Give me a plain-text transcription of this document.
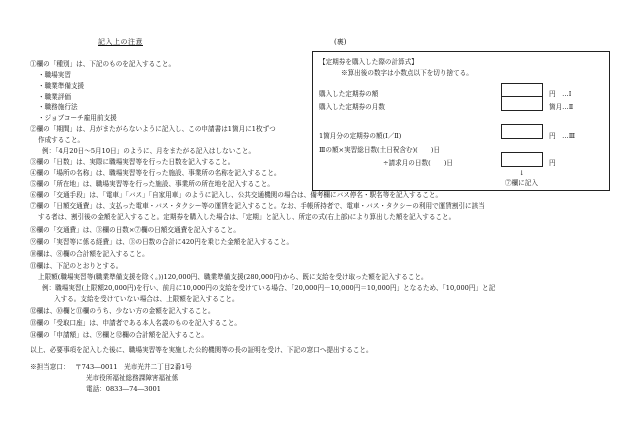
記入上の注意	(裏)
①欄の「種別」は、下記のものを記入すること。
・職場実習
・職業準備支援
・職業評価
・職務施行法
・ジョブコーチ雇用前支援
②欄の「期間」は、月がまたがらないように記入し、この申請書は1箇月に1枚ずつ
作成すること。
例：「4月20日～5月10日」のように、月をまたがる記入はしないこと。
③欄の「日数」は、実際に職場実習等を行った日数を記入すること。
④欄の「場所の名称」は、職場実習等を行った施設、事業所の名称を記入すること。
⑤欄の「所在地」は、職場実習等を行った施設、事業所の所在地を記入すること。
⑥欄の「交通手段」は、「電車」「バス」「自家用車」のように記入し、公共交通機関の場合は、備考欄にバス停名・駅名等を記入すること。
⑦欄の「日額交通費」は、支払った電車・バス・タクシー等の運賃を記入すること。なお、手帳所持者で、電車・バス・タクシーの利用で運賃割引に該当
する者は、割引後の金額を記入すること。定期券を購入した場合は、「定期」と記入し、所定の式(右上部)により算出した額を記入すること。
⑧欄の「交通費」は、③欄の日数×⑦欄の日額交通費を記入すること。
⑨欄の「実習等に係る経費」は、③の日数の合計に420円を乗じた金額を記入すること。
⑩欄は、⑧欄の合計額を記入すること。
⑪欄は、下記のとおりとする。
上限額(職場実習等(職業準備支援を除く。))120,000円、職業準備支援(280,000円)から、既に支給を受け取った額を記入すること。
例：職場実習(上限額20,000円)を行い、前月に10,000円の支給を受けている場合、「20,000円－10,000円＝10,000円」となるため、「10,000円」と記
入する。支給を受けていない場合は、上限額を記入すること。
⑫欄は、⑩欄と⑪欄のうち、少ない方の金額を記入すること。
⑬欄の「受取口座」は、申請者である本人名義のものを記入すること。
⑭欄の「申請額」は、⑨欄と⑫欄の合計額を記入すること。
以上、必要事項を記入した後に、職場実習等を実施した公的機関等の長の証明を受け、下記の窓口へ提出すること。
※担当窓口： 〒743―0011　光市光井二丁目2番1号
光市役所福祉総務課障害福祉係
電話：0833―74―3001
【定期券を購入した際の計算式】
※算出後の数字は小数点以下を切り捨てる。
購入した定期券の額	円　…Ⅰ
購入した定期券の月数	箇月…Ⅱ
1箇月分の定期券の額(Ⅰ／Ⅱ)	円　…Ⅲ
Ⅲの額×実習総日数(土日祝含む)(　　)日
÷請求月の日数(　　)日	円
↓
⑦欄に記入
